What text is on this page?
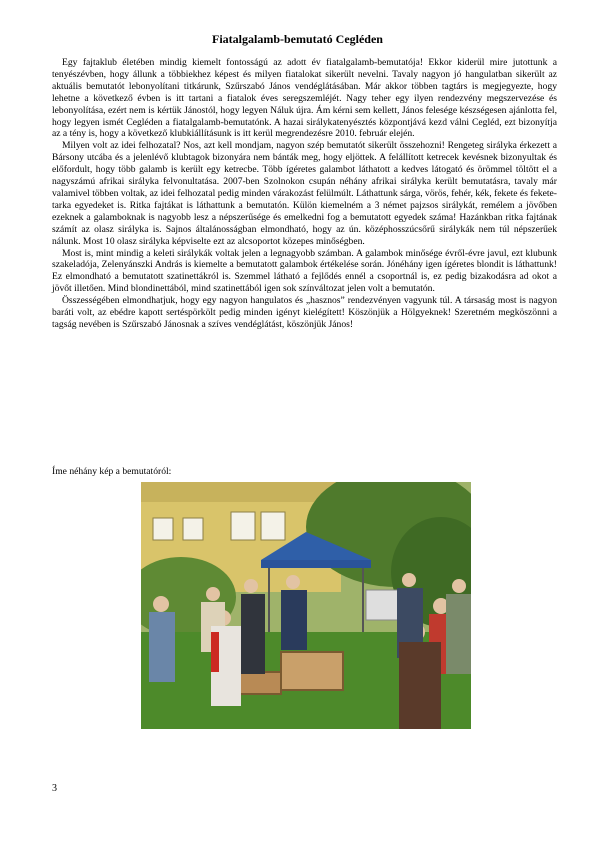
Fiatalgalamb-bemutató Cegléden

Egy fajtaklub életében mindig kiemelt fontosságú az adott év fiatalgalamb-bemutatója! Ekkor kiderül mire jutottunk a tenyészévben, hogy állunk a többiekhez képest és milyen fiatalokat sikerült nevelni. Tavaly nagyon jó hangulatban sikerült az aktuális bemutatót lebonyolítani titkárunk, Szűrszabó János vendéglátásában. Már akkor többen tagtárs is megjegyezte, hogy lehetne a következő évben is itt tartani a fiatalok éves seregszemléjét. Nagy teher egy ilyen rendezvény megszervezése és lebonyolítása, ezért nem is kértük Jánostól, hogy legyen Náluk újra. Ám kérni sem kellett, János felesége készségesen ajánlotta fel, hogy legyen ismét Cegléden a fiatalgalamb-bemutatónk. A hazai sirálykatenyésztés központjává kezd válni Cegléd, ezt bizonyítja az a tény is, hogy a következő klubkiállításunk is itt kerül megrendezésre 2010. február elején.

Milyen volt az idei felhozatal? Nos, azt kell mondjam, nagyon szép bemutatót sikerült összehozni! Rengeteg sirályka érkezett a Bársony utcába és a jelenlévő klubtagok bizonyára nem bánták meg, hogy eljöttek. A felállított ketrecek kevésnek bizonyultak és előfordult, hogy több galamb is került egy ketrecbe. Több ígéretes galambot láthatott a kedves látogató és örömmel töltött el a nagyszámú afrikai sirályka felvonultatása. 2007-ben Szolnokon csupán néhány afrikai sirályka került bemutatásra, tavaly már valamivel többen voltak, az idei felhozatal pedig minden várakozást felülmúlt. Láthattunk sárga, vörös, fehér, kék, fekete és fekete-tarka egyedeket is. Ritka fajtákat is láthattunk a bemutatón. Külön kiemelném a 3 német pajzsos sirálykát, remélem a jövőben ezeknek a galamboknak is nagyobb lesz a népszerűsége és emelkedni fog a bemutatott egyedek száma! Hazánkban ritka fajtának számít az olasz sirályka is. Sajnos általánosságban elmondható, hogy az ún. középhosszúcsőrű sirálykák nem túl népszerűek nálunk. Most 10 olasz sirályka képviselte ezt az alcsoportot közepes minőségben.

Most is, mint mindig a keleti sirálykák voltak jelen a legnagyobb számban. A galambok minősége évről-évre javul, ezt klubunk szakeladója, Zelenyánszki András is kiemelte a bemutatott galambok értékelése során. Jónéhány igen ígéretes blondit is láthattunk! Ez elmondható a bemutatott szatinettákról is. Szemmel látható a fejlődés ennél a csoportnál is, ez pedig bizakodásra ad okot a jövőt illetően. Mind blondinettából, mind szatinettából igen sok színváltozat jelen volt a bemutatón.

Összességében elmondhatjuk, hogy egy nagyon hangulatos és „hasznos” rendezvényen vagyunk túl. A társaság most is nagyon baráti volt, az ebédre kapott sertéspörkölt pedig minden igényt kielégített! Köszönjük a Hölgyeknek! Szeretném megköszönni a tagság nevében is Szűrszabó Jánosnak a szíves vendéglátást, köszönjük János!

Íme néhány kép a bemutatóról:
3
